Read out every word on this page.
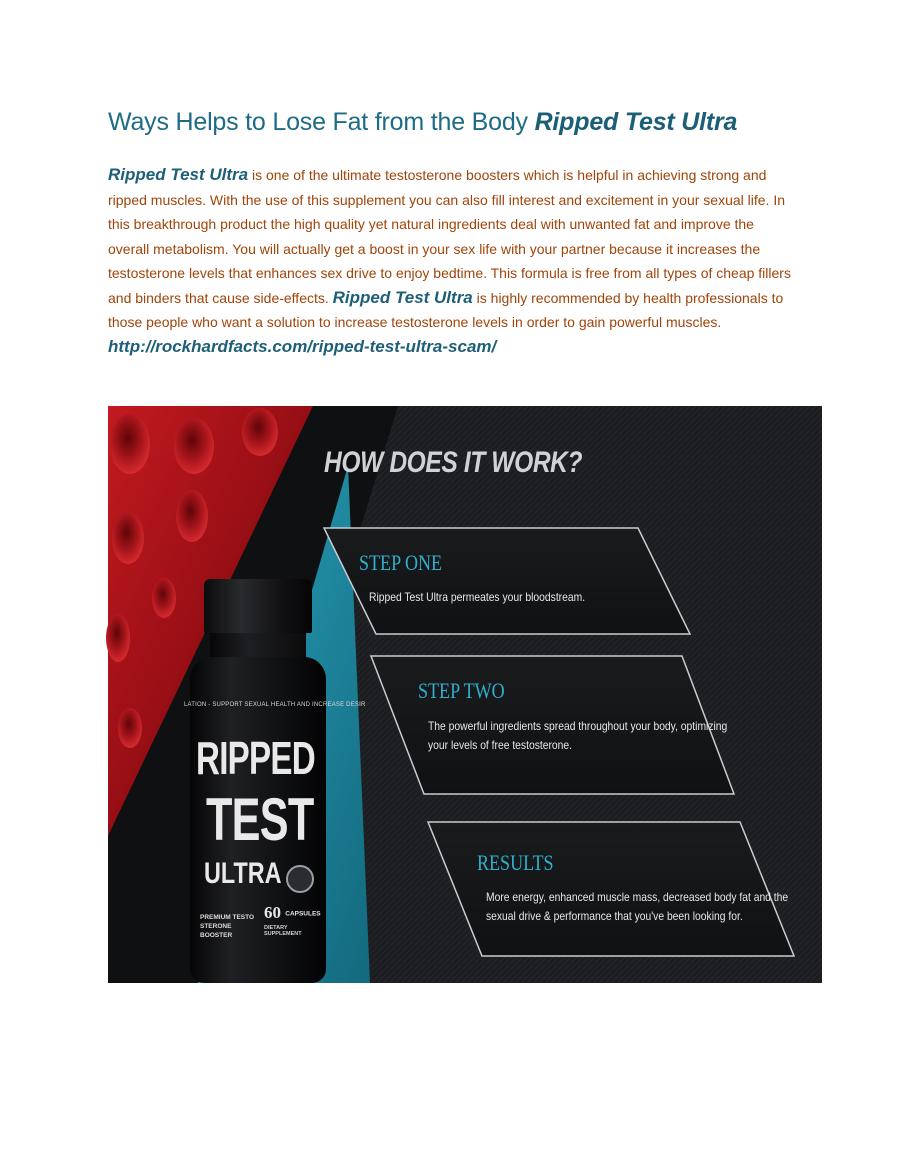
Ways Helps to Lose Fat from the Body Ripped Test Ultra

Ripped Test Ultra is one of the ultimate testosterone boosters which is helpful in achieving strong and ripped muscles. With the use of this supplement you can also fill interest and excitement in your sexual life. In this breakthrough product the high quality yet natural ingredients deal with unwanted fat and improve the overall metabolism. You will actually get a boost in your sex life with your partner because it increases the testosterone levels that enhances sex drive to enjoy bedtime. This formula is free from all types of cheap fillers and binders that cause side-effects. Ripped Test Ultra is highly recommended by health professionals to those people who want a solution to increase testosterone levels in order to gain powerful muscles. http://rockhardfacts.com/ripped-test-ultra-scam/

HOW DOES IT WORK?
STEP ONE
Ripped Test Ultra permeates your bloodstream.
STEP TWO
The powerful ingredients spread throughout your body, optimizing
your levels of free testosterone.
RESULTS
More energy, enhanced muscle mass, decreased body fat and the
sexual drive & performance that you've been looking for.
LATION - SUPPORT SEXUAL HEALTH AND INCREASE DESIR
RIPPED
TEST
ULTRA
PREMIUM TESTO
STERONE BOOSTER
60 CAPSULES
DIETARY SUPPLEMENT
